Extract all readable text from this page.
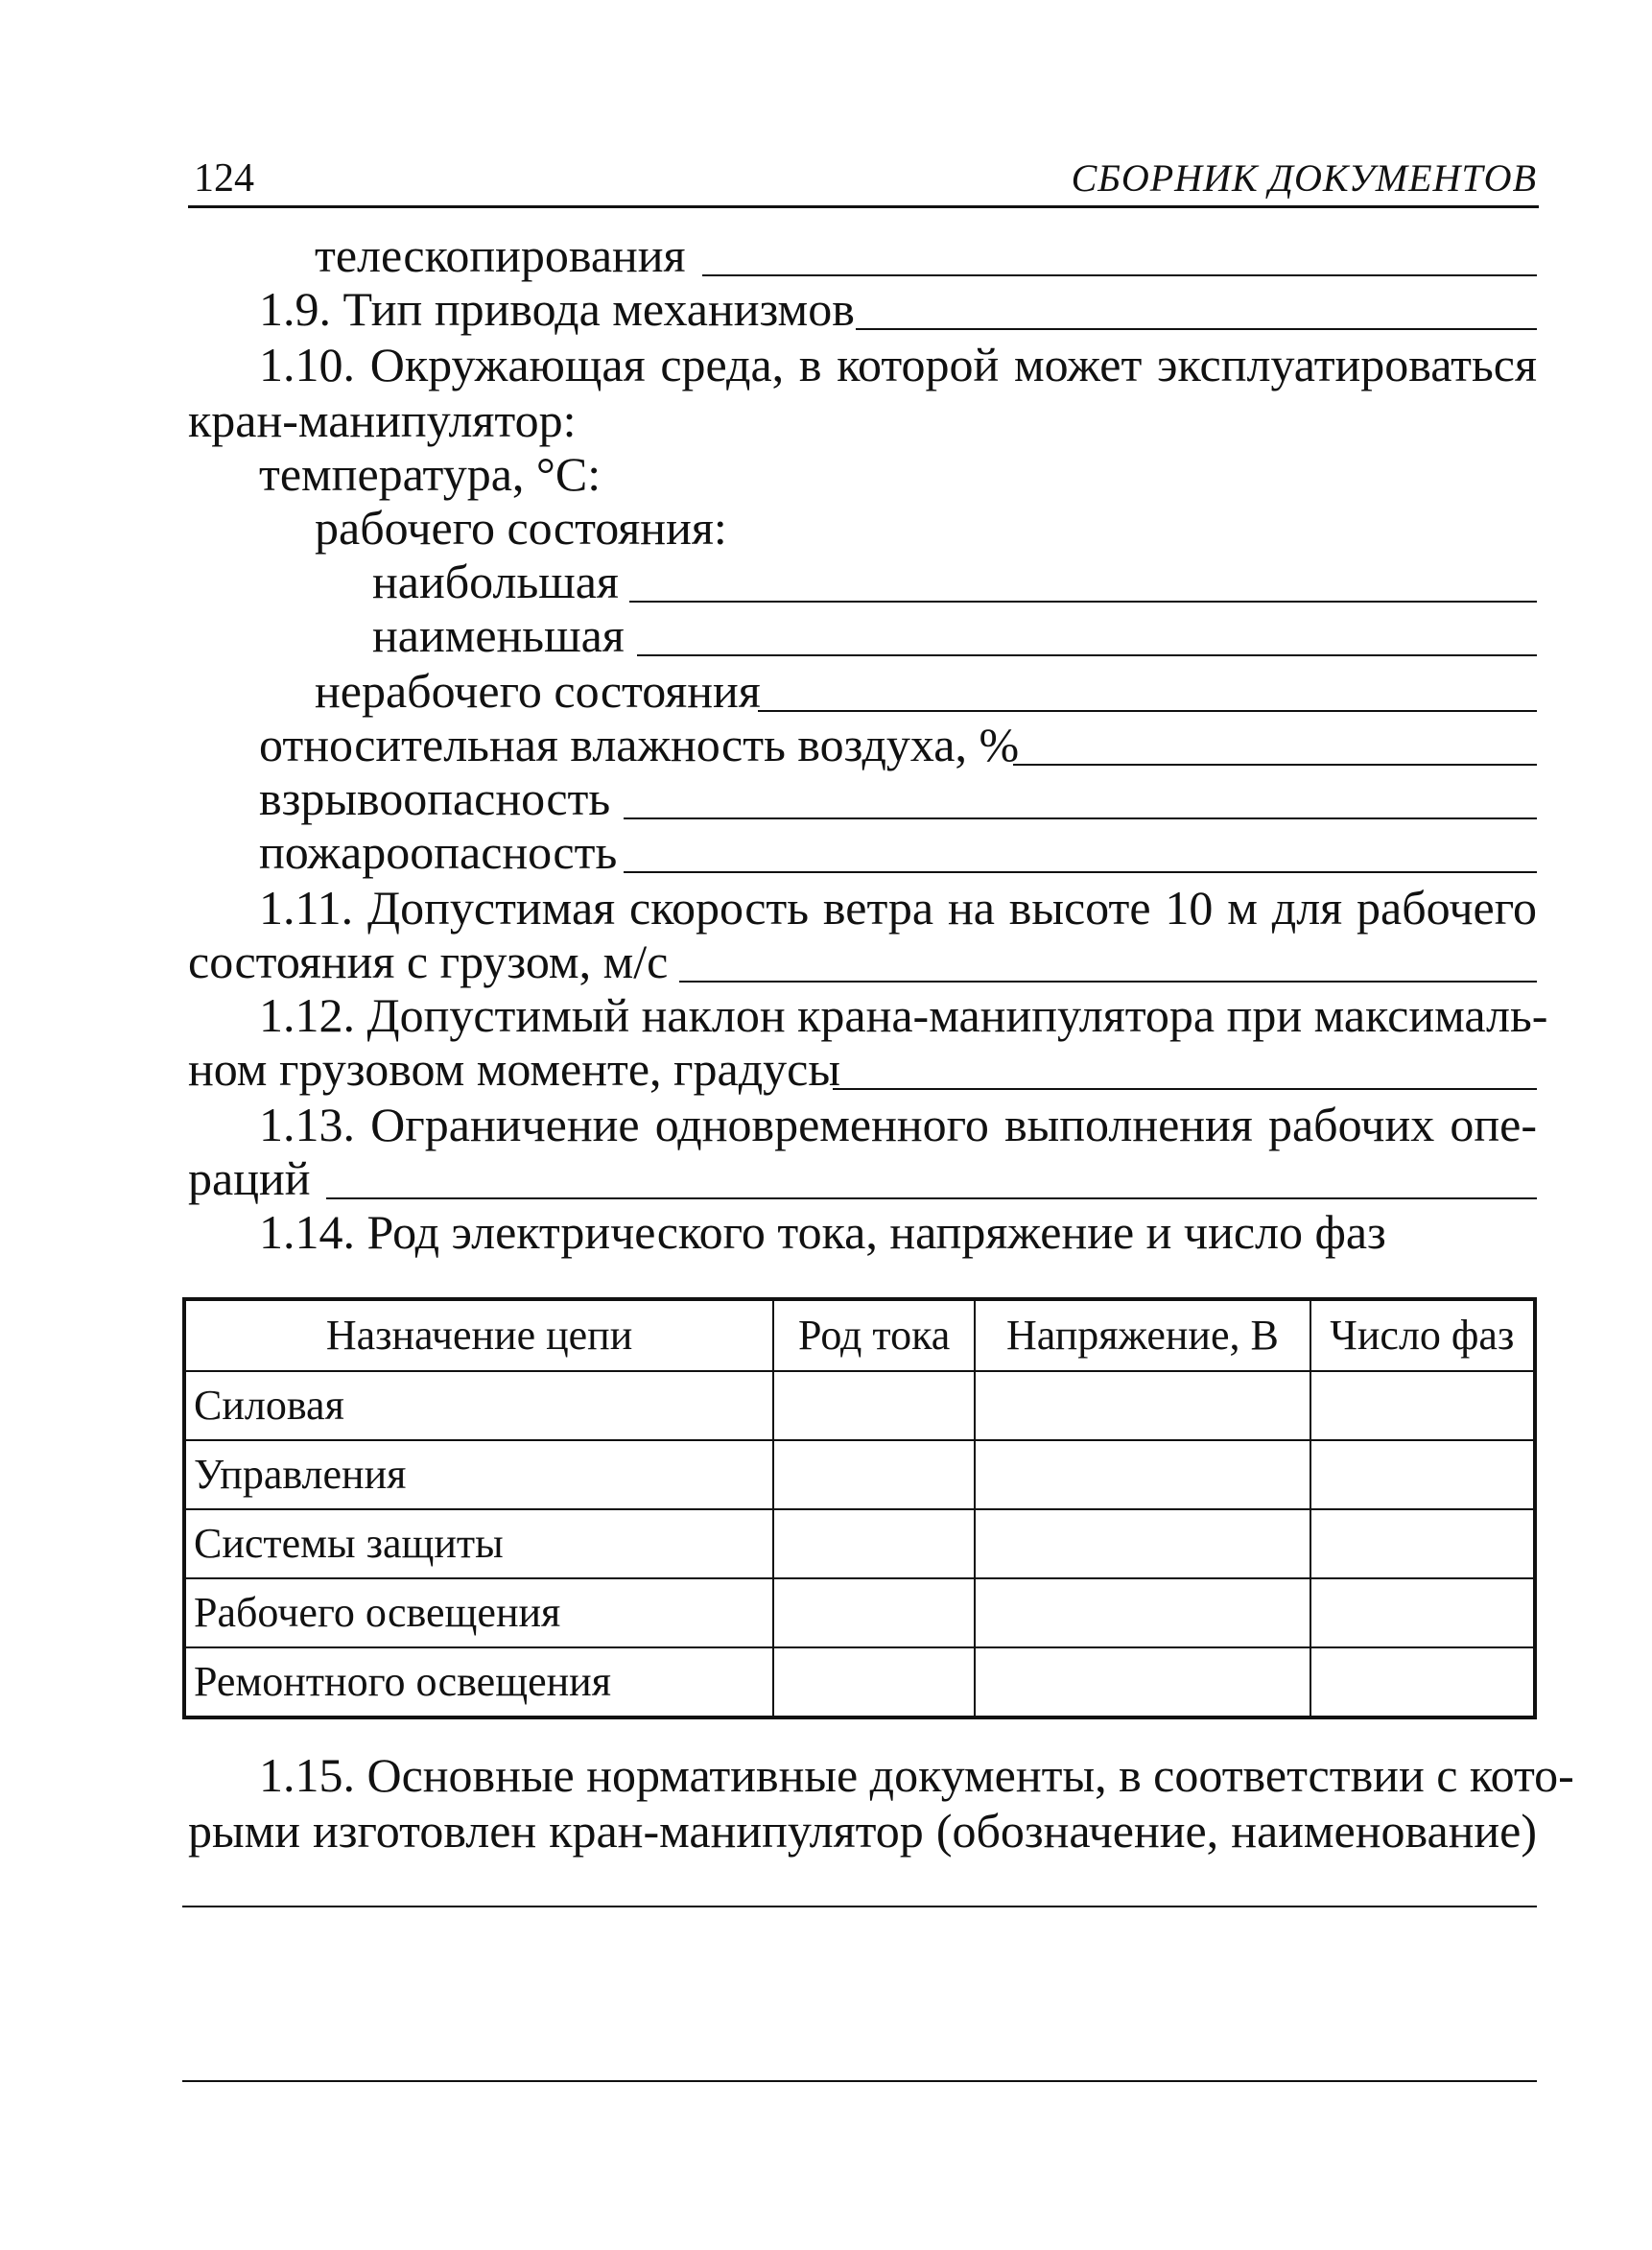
124	СБОРНИК ДОКУМЕНТОВ
телескопирования
1.9. Тип привода механизмов
1.10. Окружающая среда, в которой может эксплуатироваться
кран-манипулятор:
температура, °С:
рабочего состояния:
наибольшая
наименьшая
нерабочего состояния
относительная влажность воздуха, %
взрывоопасность
пожароопасность
1.11. Допустимая скорость ветра на высоте 10 м для рабочего
состояния с грузом, м/с
1.12. Допустимый наклон крана-манипулятора при максималь-
ном грузовом моменте, градусы
1.13. Ограничение одновременного выполнения рабочих опе-
раций
1.14. Род электрического тока, напряжение и число фаз
Назначение цепи	Род тока	Напряжение, В	Число фаз
Силовая			
Управления			
Системы защиты			
Рабочего освещения			
Ремонтного освещения			
1.15. Основные нормативные документы, в соответствии с кото-
рыми изготовлен кран-манипулятор (обозначение, наименование)
